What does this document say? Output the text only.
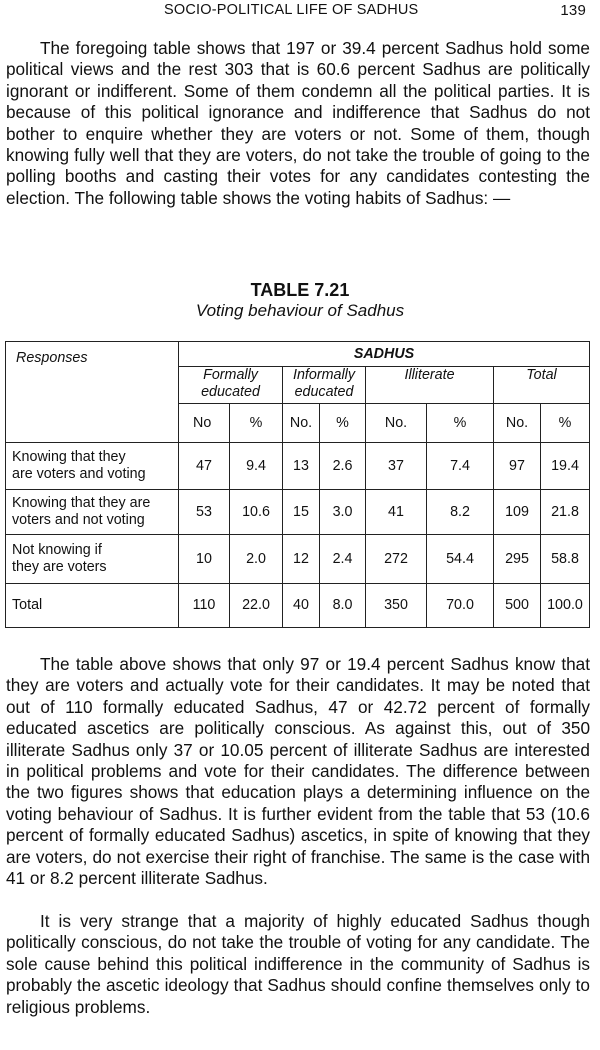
SOCIO-POLITICAL LIFE OF SADHUS	139

The foregoing table shows that 197 or 39.4 percent Sadhus hold some political views and the rest 303 that is 60.6 percent Sadhus are politically ignorant or indifferent. Some of them condemn all the political parties. It is because of this political ignorance and indifference that Sadhus do not bother to enquire whether they are voters or not. Some of them, though knowing fully well that they are voters, do not take the trouble of going to the polling booths and casting their votes for any candidates contesting the election. The following table shows the voting habits of Sadhus: —

TABLE 7.21
Voting behaviour of Sadhus
Responses	SADHUS							
	Formally
educated		Informally
educated		Illiterate		Total	
	No	%	No.	%	No.	%	No.	%
Knowing that they
are voters and voting	47	9.4	13	2.6	37	7.4	97	19.4
Knowing that they are
voters and not voting	53	10.6	15	3.0	41	8.2	109	21.8
Not knowing if
they are voters	10	2.0	12	2.4	272	54.4	295	58.8
Total	110	22.0	40	8.0	350	70.0	500	100.0

The table above shows that only 97 or 19.4 percent Sadhus know that they are voters and actually vote for their candidates. It may be noted that out of 110 formally educated Sadhus, 47 or 42.72 percent of formally educated ascetics are politically conscious. As against this, out of 350 illiterate Sadhus only 37 or 10.05 percent of illiterate Sadhus are interested in political problems and vote for their candidates. The difference between the two figures shows that education plays a determining influence on the voting behaviour of Sadhus. It is further evident from the table that 53 (10.6 percent of formally educated Sadhus) ascetics, in spite of knowing that they are voters, do not exercise their right of franchise. The same is the case with 41 or 8.2 percent illiterate Sadhus.

It is very strange that a majority of highly educated Sadhus though politically conscious, do not take the trouble of voting for any candidate. The sole cause behind this political indifference in the community of Sadhus is probably the ascetic ideology that Sadhus should confine themselves only to religious problems.
